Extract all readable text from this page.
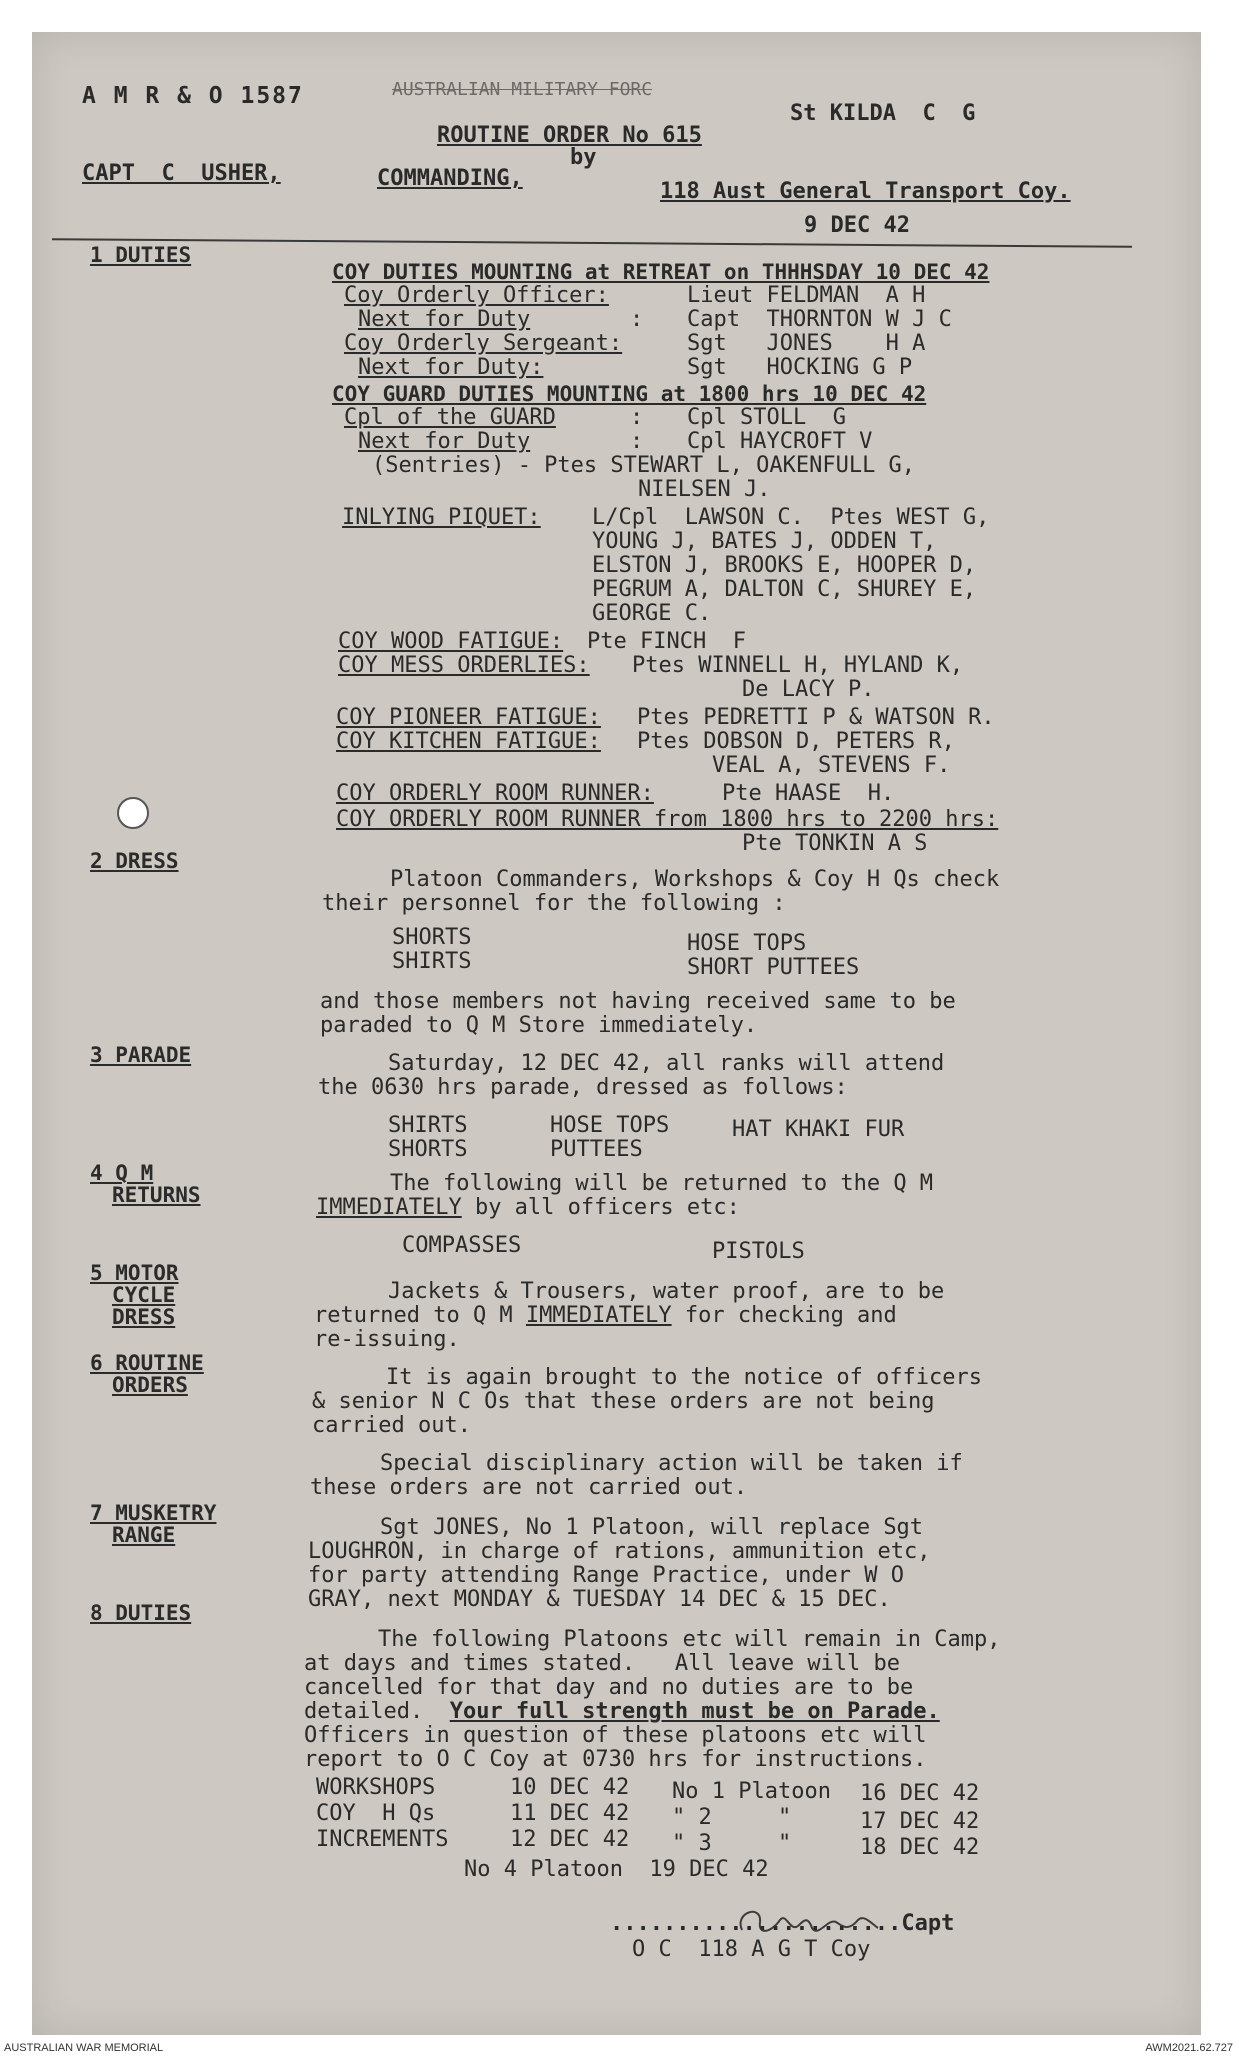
A M R & O 1587	AUSTRALIAN MILITARY FORC
St KILDA  C  G
ROUTINE ORDER No 615
by
CAPT  C  USHER,	COMMANDING,
118 Aust General Transport Coy.
9 DEC 42
1 DUTIES
2 DRESS
3 PARADE
4 Q M
RETURNS
5 MOTOR
CYCLE
DRESS
6 ROUTINE
ORDERS
7 MUSKETRY
RANGE
8 DUTIES
COY DUTIES MOUNTING at RETREAT on THHHSDAY 10 DEC 42
Coy Orderly Officer:	Lieut FELDMAN  A H
Next for Duty	: Capt  THORNTON W J C
Coy Orderly Sergeant:	Sgt   JONES    H A
Next for Duty:	Sgt   HOCKING G P
COY GUARD DUTIES MOUNTING at 1800 hrs 10 DEC 42
Cpl of the GUARD	: Cpl STOLL  G
Next for Duty	: Cpl HAYCROFT V
(Sentries) - Ptes STEWART L, OAKENFULL G,
NIELSEN J.
INLYING PIQUET: L/Cpl  LAWSON C.  Ptes WEST G,
YOUNG J, BATES J, ODDEN T,
ELSTON J, BROOKS E, HOOPER D,
PEGRUM A, DALTON C, SHUREY E,
GEORGE C.
COY WOOD FATIGUE: Pte FINCH  F
COY MESS ORDERLIES: Ptes WINNELL H, HYLAND K,
De LACY P.
COY PIONEER FATIGUE: Ptes PEDRETTI P & WATSON R.
COY KITCHEN FATIGUE: Ptes DOBSON D, PETERS R,
VEAL A, STEVENS F.
COY ORDERLY ROOM RUNNER:	Pte HAASE  H.
COY ORDERLY ROOM RUNNER from 1800 hrs to 2200 hrs:
Pte TONKIN A S
Platoon Commanders, Workshops & Coy H Qs check
their personnel for the following :
SHORTS
SHIRTS
HOSE TOPS
SHORT PUTTEES
and those members not having received same to be
paraded to Q M Store immediately.
Saturday, 12 DEC 42, all ranks will attend
the 0630 hrs parade, dressed as follows:
SHIRTS
SHORTS
HOSE TOPS
PUTTEES
HAT KHAKI FUR
The following will be returned to the Q M
IMMEDIATELY by all officers etc:
COMPASSES	PISTOLS
Jackets & Trousers, water proof, are to be
returned to Q M IMMEDIATELY for checking and
re-issuing.
It is again brought to the notice of officers
& senior N C Os that these orders are not being
carried out.
Special disciplinary action will be taken if
these orders are not carried out.
Sgt JONES, No 1 Platoon, will replace Sgt
LOUGHRON, in charge of rations, ammunition etc,
for party attending Range Practice, under W O
GRAY, next MONDAY & TUESDAY 14 DEC & 15 DEC.
The following Platoons etc will remain in Camp,
at days and times stated.   All leave will be
cancelled for that day and no duties are to be
detailed.  Your full strength must be on Parade.
Officers in question of these platoons etc will
report to O C Coy at 0730 hrs for instructions.
WORKSHOPS	10 DEC 42 No 1 Platoon 16 DEC 42
COY  H Qs	11 DEC 42 " 2     "	17 DEC 42
INCREMENTS	12 DEC 42 " 3     "	18 DEC 42
No 4 Platoon  19 DEC 42
......................Capt
O C  118 A G T Coy
AUSTRALIAN WAR MEMORIAL	AWM2021.62.727
